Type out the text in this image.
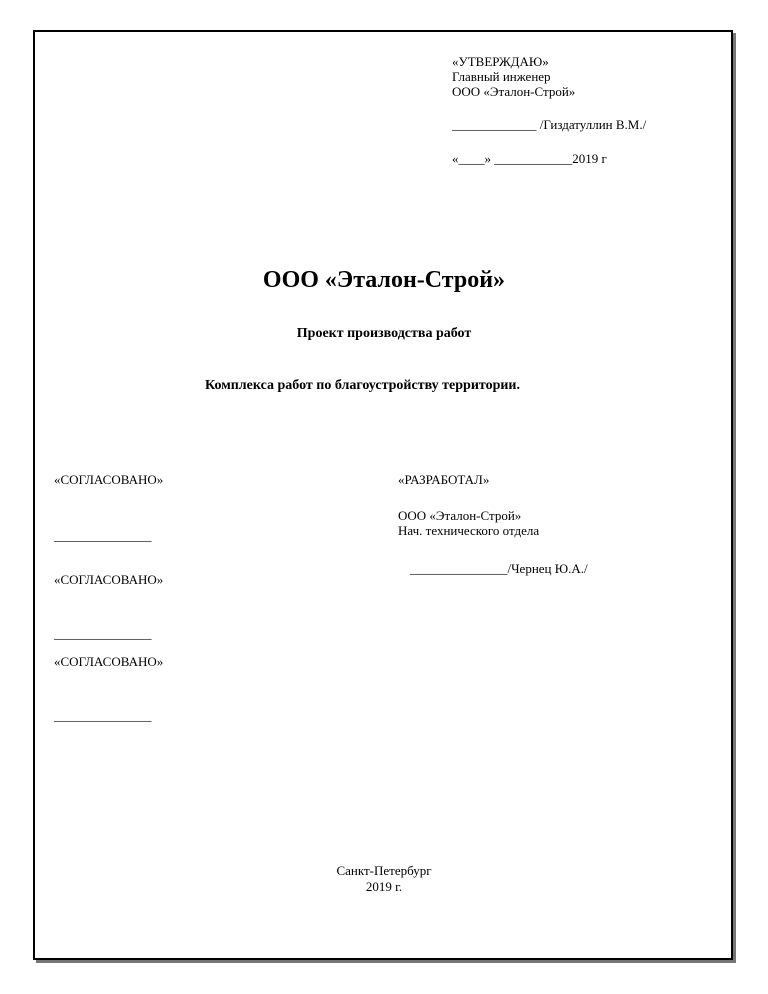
«УТВЕРЖДАЮ»
Главный инженер
ООО «Эталон-Строй»
_____________ /Гиздатуллин В.М./
«____» ____________2019 г
ООО «Эталон-Строй»
Проект производства работ
Комплекса работ по благоустройству территории.
«СОГЛАСОВАНО»
_______________
«СОГЛАСОВАНО»
_______________
«СОГЛАСОВАНО»
_______________
«РАЗРАБОТАЛ»
ООО «Эталон-Строй»
Нач. технического отдела
_______________/Чернец Ю.А./
Санкт-Петербург
2019 г.
